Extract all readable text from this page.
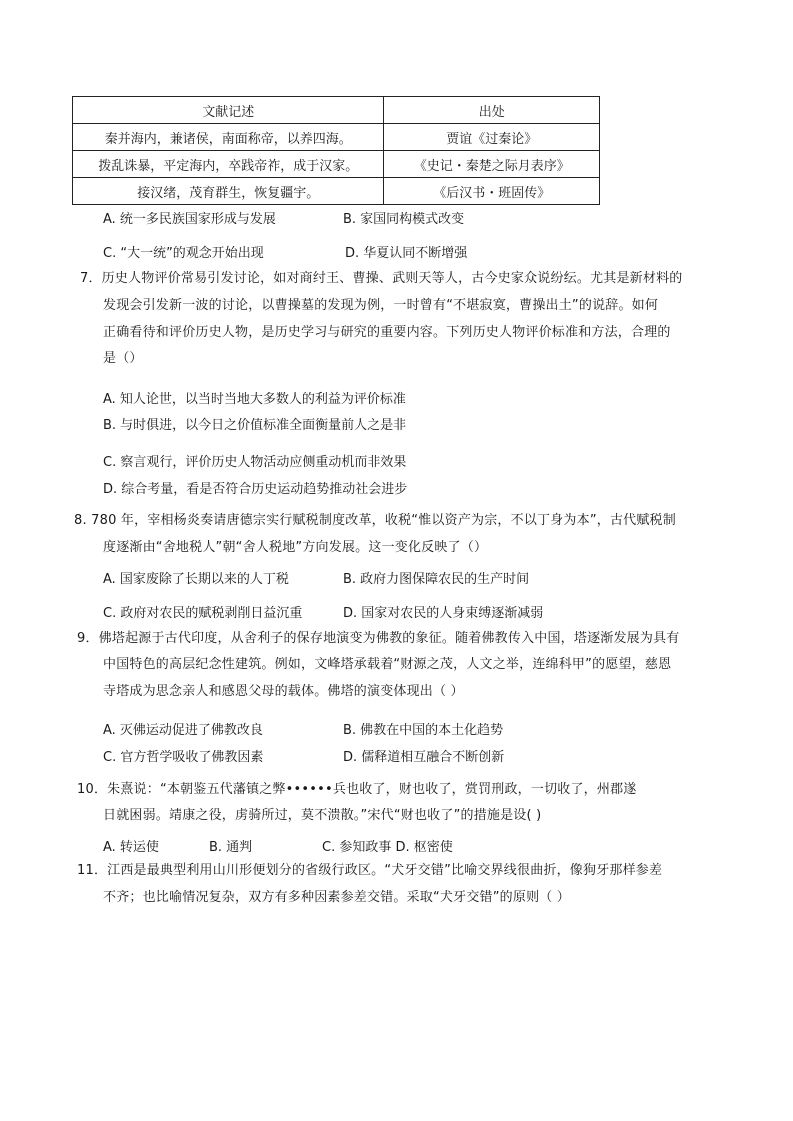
文献记述	出处
秦并海内，兼诸侯，南面称帝，以养四海。	贾谊《过秦论》
拨乱诛暴，平定海内，卒践帝祚，成于汉家。	《史记・秦楚之际月表序》
接汉绪，茂育群生，恢复疆宇。	《后汉书・班固传》
A. 统一多民族国家形成与发展	B. 家国同构模式改变
C. “大一统”的观念开始出现	D. 华夏认同不断增强
7．历史人物评价常易引发讨论，如对商纣王、曹操、武则天等人，古今史家众说纷纭。尤其是新材料的
发现会引发新一波的讨论，以曹操墓的发现为例，一时曾有“不堪寂寞，曹操出土”的说辞。如何
正确看待和评价历史人物，是历史学习与研究的重要内容。下列历史人物评价标准和方法，合理的
是（）
A. 知人论世，以当时当地大多数人的利益为评价标准
B. 与时俱进，以今日之价值标准全面衡量前人之是非
C. 察言观行，评价历史人物活动应侧重动机而非效果
D. 综合考量，看是否符合历史运动趋势推动社会进步
8. 780 年，宰相杨炎奏请唐德宗实行赋税制度改革，收税“惟以资产为宗，不以丁身为本”，古代赋税制
度逐渐由“舍地税人”朝“舍人税地”方向发展。这一变化反映了（）
A. 国家废除了长期以来的人丁税	B. 政府力图保障农民的生产时间
C. 政府对农民的赋税剥削日益沉重	D. 国家对农民的人身束缚逐渐减弱
9．佛塔起源于古代印度，从舍利子的保存地演变为佛教的象征。随着佛教传入中国，塔逐渐发展为具有
中国特色的高层纪念性建筑。例如，文峰塔承载着“财源之茂，人文之举，连绵科甲”的愿望，慈恩
寺塔成为思念亲人和感恩父母的载体。佛塔的演变体现出（ ）
A. 灭佛运动促进了佛教改良	B. 佛教在中国的本土化趋势
C. 官方哲学吸收了佛教因素	D. 儒释道相互融合不断创新
10．朱熹说：“本朝鉴五代藩镇之弊••••••兵也收了，财也收了，赏罚刑政，一切收了，州郡遂
日就困弱。靖康之役，虏骑所过，莫不溃散。”宋代“财也收了”的措施是设( )
A. 转运使	B. 通判	C. 参知政事 D. 枢密使
11．江西是最典型利用山川形便划分的省级行政区。“犬牙交错”比喻交界线很曲折，像狗牙那样参差
不齐；也比喻情况复杂，双方有多种因素参差交错。采取“犬牙交错”的原则（ ）
